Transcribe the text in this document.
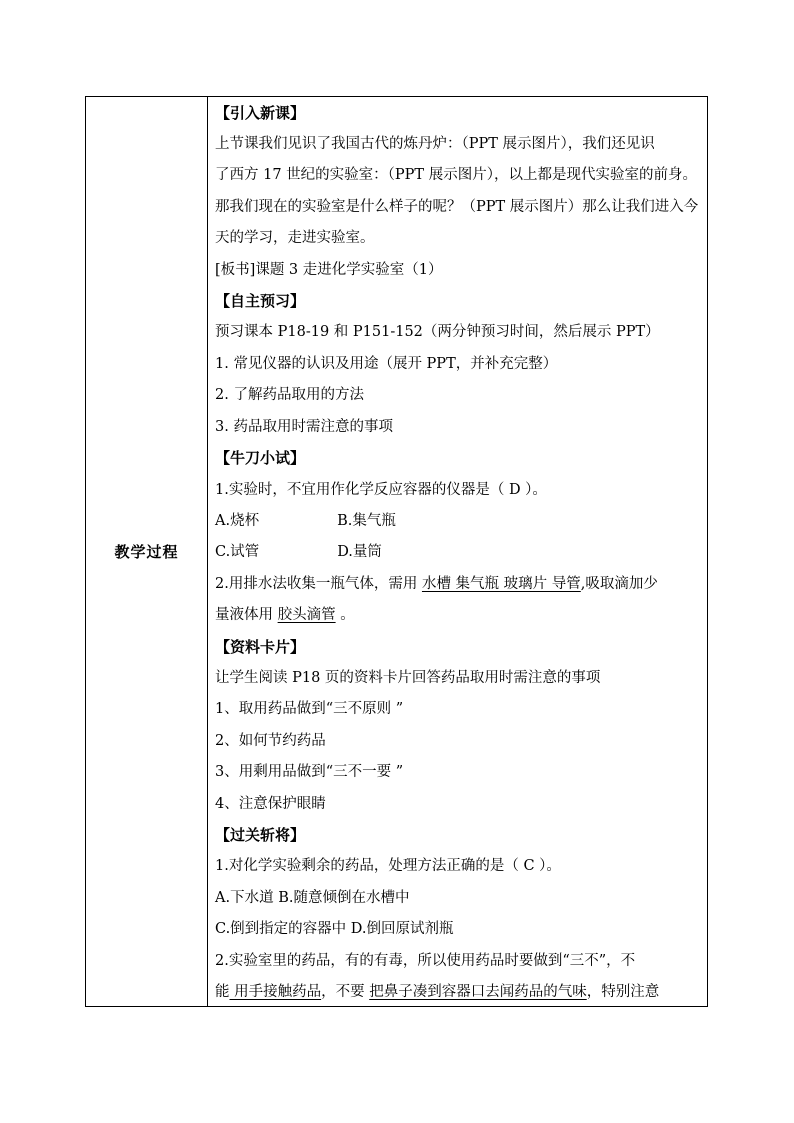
教学过程
【引入新课】
上节课我们见识了我国古代的炼丹炉：（PPT 展示图片），我们还见识
了西方 17 世纪的实验室：（PPT 展示图片），以上都是现代实验室的前身。
那我们现在的实验室是什么样子的呢？（PPT 展示图片）那么让我们进入今
天的学习，走进实验室。
[板书]课题 3 走进化学实验室（1）
【自主预习】
预习课本 P18-19 和 P151-152（两分钟预习时间，然后展示 PPT）
1. 常见仪器的认识及用途（展开 PPT，并补充完整）
2. 了解药品取用的方法
3. 药品取用时需注意的事项
【牛刀小试】
1.实验时，不宜用作化学反应容器的仪器是（ D ）。
A.烧杯	B.集气瓶
C.试管	D.量筒
2.用排水法收集一瓶气体，需用 水槽 集气瓶 玻璃片 导管,吸取滴加少
量液体用 胶头滴管 。
【资料卡片】
让学生阅读 P18 页的资料卡片回答药品取用时需注意的事项
1、取用药品做到“三不原则 ”
2、如何节约药品
3、用剩用品做到“三不一要 ”
4、注意保护眼睛
【过关斩将】
1.对化学实验剩余的药品，处理方法正确的是（ C ）。
A.下水道 B.随意倾倒在水槽中
C.倒到指定的容器中 D.倒回原试剂瓶
2.实验室里的药品，有的有毒，所以使用药品时要做到“三不”，不
能 用手接触药品，不要 把鼻子凑到容器口去闻药品的气味，特别注意
